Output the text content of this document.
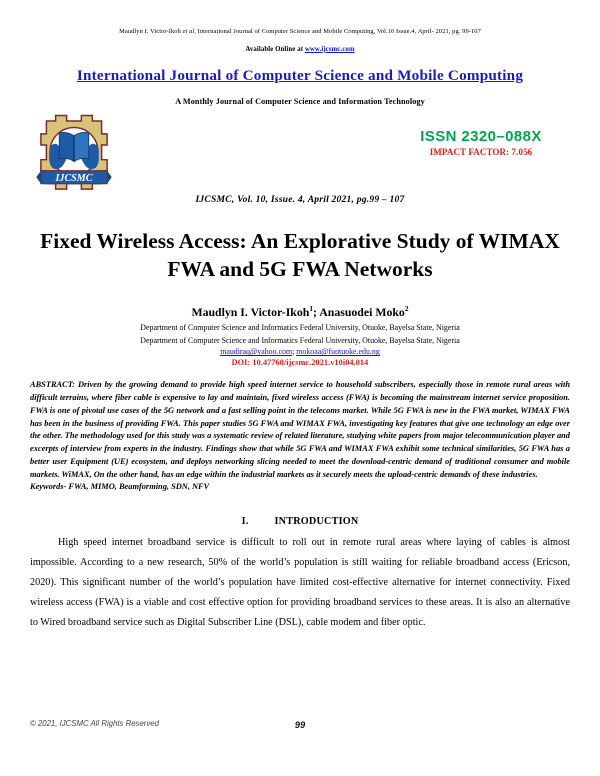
Maudlyn I. Victor-Ikoh et al, International Journal of Computer Science and Mobile Computing, Vol.10 Issue.4, April- 2021, pg. 99-107
Available Online at www.ijcsmc.com
International Journal of Computer Science and Mobile Computing
A Monthly Journal of Computer Science and Information Technology
IJCSMC
ISSN 2320–088X
IMPACT FACTOR: 7.056
IJCSMC, Vol. 10, Issue. 4, April 2021, pg.99 – 107
Fixed Wireless Access: An Explorative Study of WIMAX FWA and 5G FWA Networks
Maudlyn I. Victor-Ikoh$^1$; Anasuodei Moko$^2$
Department of Computer Science and Informatics Federal University, Otuoke, Bayelsa State, Nigeria
Department of Computer Science and Informatics Federal University, Otuoke, Bayelsa State, Nigeria
maudiraq@yahoo.com; mokoaa@fuotuoke.edu.ng
DOI: 10.47760/ijcsmc.2021.v10i04.014
ABSTRACT: Driven by the growing demand to provide high speed internet service to household subscribers, especially those in remote rural areas with difficult terrains, where fiber cable is expensive to lay and maintain, fixed wireless access (FWA) is becoming the mainstream internet service proposition. FWA is one of pivotal use cases of the 5G network and a fast selling point in the telecoms market. While 5G FWA is new in the FWA market, WIMAX FWA has been in the business of providing FWA. This paper studies 5G FWA and WIMAX FWA, investigating key features that give one technology an edge over the other. The methodology used for this study was a systematic review of related literature, studying white papers from major telecommunication player and excerpts of interview from experts in the industry. Findings show that while 5G FWA and WIMAX FWA exhibit some technical similarities, 5G FWA has a better user Equipment (UE) ecosystem, and deploys networking slicing needed to meet the download-centric demand of traditional consumer and mobile markets. WiMAX, On the other hand, has an edge within the industrial markets as it securely meets the upload-centric demands of these industries.
Keywords- FWA, MIMO, Beamforming, SDN, NFV
I.	INTRODUCTION
High speed internet broadband service is difficult to roll out in remote rural areas where laying of cables is almost impossible. According to a new research, 50% of the world’s population is still waiting for reliable broadband access (Ericson, 2020). This significant number of the world’s population have limited cost-effective alternative for internet connectivity. Fixed wireless access (FWA) is a viable and cost effective option for providing broadband services to these areas. It is also an alternative to Wired broadband service such as Digital Subscriber Line (DSL), cable modem and fiber optic.
© 2021, IJCSMC All Rights Reserved	99
